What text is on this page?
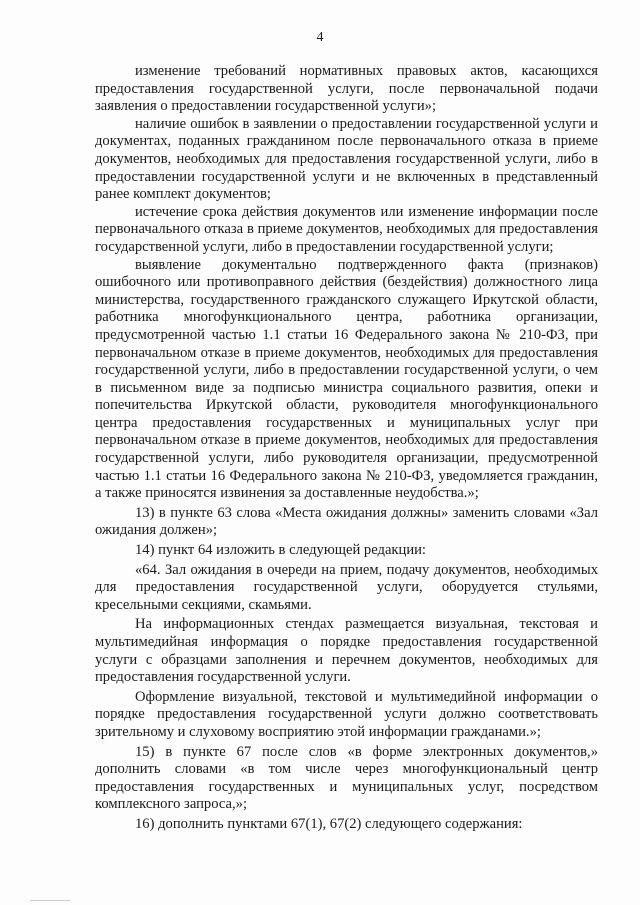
4

изменение требований нормативных правовых актов, касающихся предоставления государственной услуги, после первоначальной подачи заявления о предоставлении государственной услуги»;

наличие ошибок в заявлении о предоставлении государственной услуги и документах, поданных гражданином после первоначального отказа в приеме документов, необходимых для предоставления государственной услуги, либо в предоставлении государственной услуги и не включенных в представленный ранее комплект документов;

истечение срока действия документов или изменение информации после первоначального отказа в приеме документов, необходимых для предоставления государственной услуги, либо в предоставлении государственной услуги;

выявление документально подтвержденного факта (признаков) ошибочного или противоправного действия (бездействия) должностного лица министерства, государственного гражданского служащего Иркутской области, работника многофункционального центра, работника организации, предусмотренной частью 1.1 статьи 16 Федерального закона № 210-ФЗ, при первоначальном отказе в приеме документов, необходимых для предоставления государственной услуги, либо в предоставлении государственной услуги, о чем в письменном виде за подписью министра социального развития, опеки и попечительства Иркутской области, руководителя многофункционального центра предоставления государственных и муниципальных услуг при первоначальном отказе в приеме документов, необходимых для предоставления государственной услуги, либо руководителя организации, предусмотренной частью 1.1 статьи 16 Федерального закона № 210-ФЗ, уведомляется гражданин, а также приносятся извинения за доставленные неудобства.»;

13) в пункте 63 слова «Места ожидания должны» заменить словами «Зал ожидания должен»;

14) пункт 64 изложить в следующей редакции:

«64. Зал ожидания в очереди на прием, подачу документов, необходимых для предоставления государственной услуги, оборудуется стульями, кресельными секциями, скамьями.

На информационных стендах размещается визуальная, текстовая и мультимедийная информация о порядке предоставления государственной услуги с образцами заполнения и перечнем документов, необходимых для предоставления государственной услуги.

Оформление визуальной, текстовой и мультимедийной информации о порядке предоставления государственной услуги должно соответствовать зрительному и слуховому восприятию этой информации гражданами.»;

15) в пункте 67 после слов «в форме электронных документов,» дополнить словами «в том числе через многофункциональный центр предоставления государственных и муниципальных услуг, посредством комплексного запроса,»;

16) дополнить пунктами 67(1), 67(2) следующего содержания:
